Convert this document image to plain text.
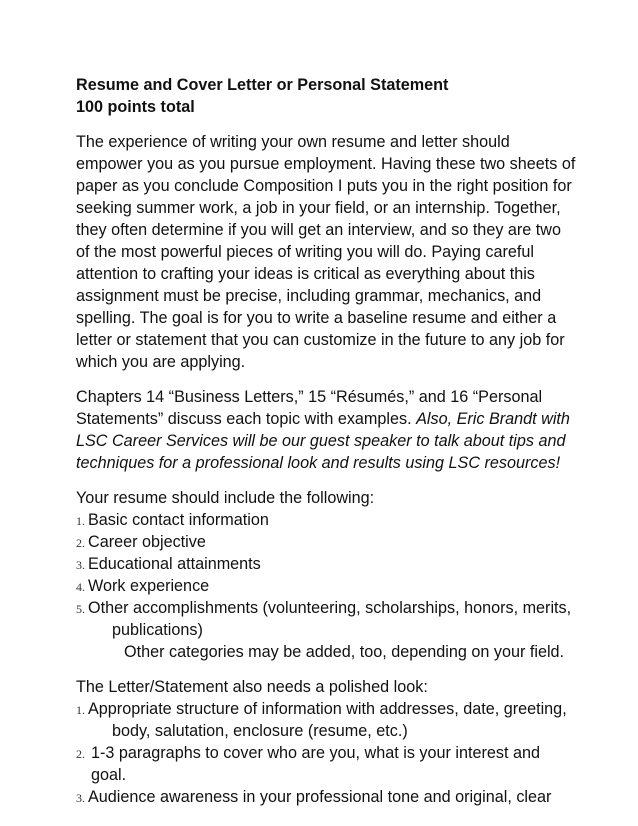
Resume and Cover Letter or Personal Statement

100 points total

The experience of writing your own resume and letter should empower you as you pursue employment. Having these two sheets of paper as you conclude Composition I puts you in the right position for seeking summer work, a job in your field, or an internship. Together, they often determine if you will get an interview, and so they are two of the most powerful pieces of writing you will do. Paying careful attention to crafting your ideas is critical as everything about this assignment must be precise, including grammar, mechanics, and spelling. The goal is for you to write a baseline resume and either a letter or statement that you can customize in the future to any job for which you are applying.

Chapters 14 “Business Letters,” 15 “Résumés,” and 16 “Personal Statements” discuss each topic with examples. Also, Eric Brandt with LSC Career Services will be our guest speaker to talk about tips and techniques for a professional look and results using LSC resources!

Your resume should include the following:

1. Basic contact information
2. Career objective
3. Educational attainments
4. Work experience
5. Other accomplishments (volunteering, scholarships, honors, merits,
publications)

Other categories may be added, too, depending on your field.

The Letter/Statement also needs a polished look:

1. Appropriate structure of information with addresses, date, greeting,
body, salutation, enclosure (resume, etc.)
2. 1-3 paragraphs to cover who are you, what is your interest and goal.
3. Audience awareness in your professional tone and original, clear
